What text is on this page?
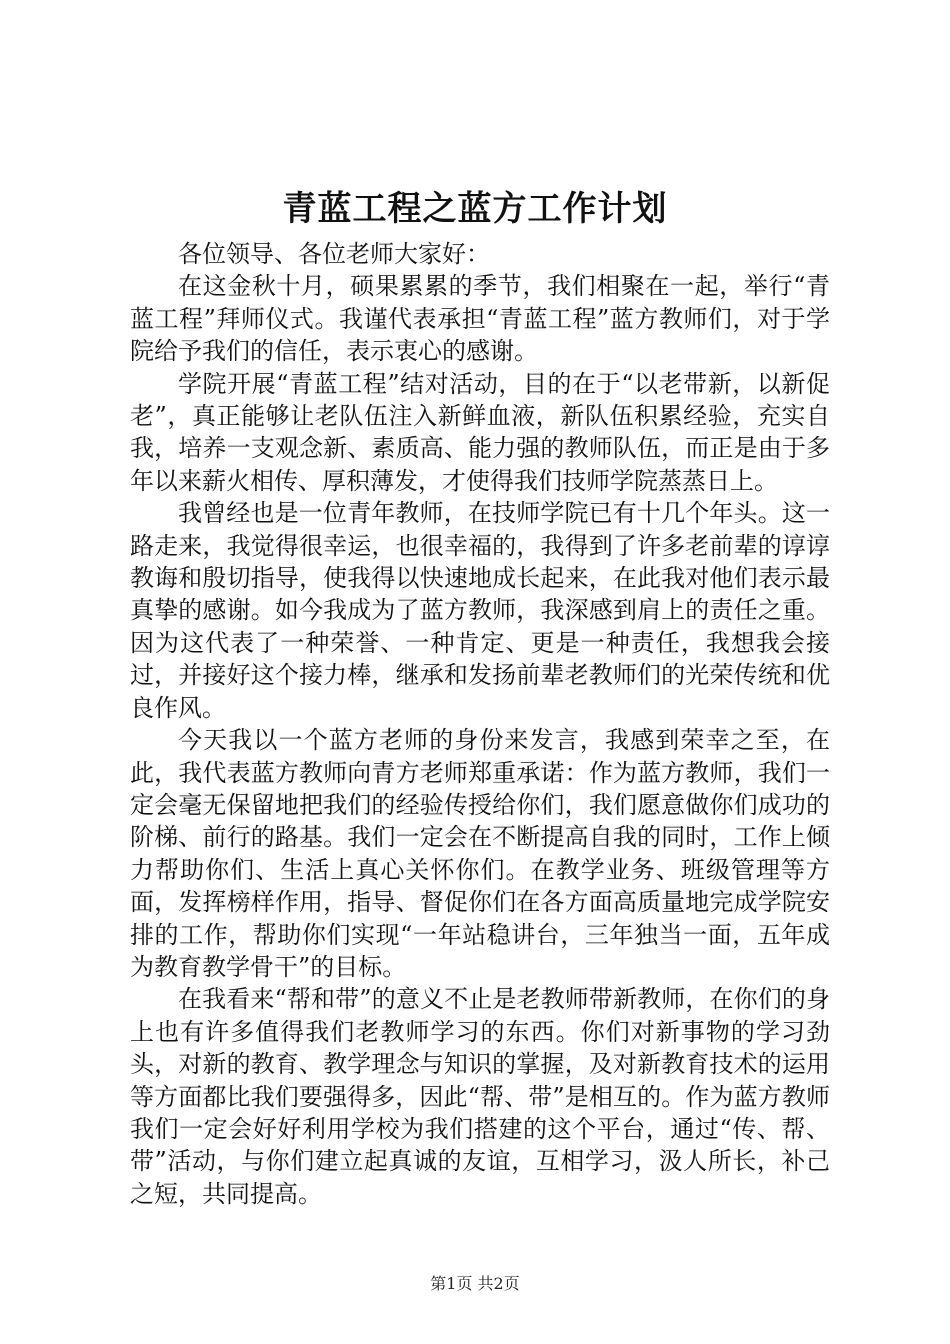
青蓝工程之蓝方工作计划

各位领导、各位老师大家好：

在这金秋十月，硕果累累的季节，我们相聚在一起，举行“青蓝工程”拜师仪式。我谨代表承担“青蓝工程”蓝方教师们，对于学院给予我们的信任，表示衷心的感谢。

学院开展“青蓝工程”结对活动，目的在于“以老带新，以新促老”，真正能够让老队伍注入新鲜血液，新队伍积累经验，充实自我，培养一支观念新、素质高、能力强的教师队伍，而正是由于多年以来薪火相传、厚积薄发，才使得我们技师学院蒸蒸日上。

我曾经也是一位青年教师，在技师学院已有十几个年头。这一路走来，我觉得很幸运，也很幸福的，我得到了许多老前辈的谆谆教诲和殷切指导，使我得以快速地成长起来，在此我对他们表示最真挚的感谢。如今我成为了蓝方教师，我深感到肩上的责任之重。因为这代表了一种荣誉、一种肯定、更是一种责任，我想我会接过，并接好这个接力棒，继承和发扬前辈老教师们的光荣传统和优良作风。

今天我以一个蓝方老师的身份来发言，我感到荣幸之至，在此，我代表蓝方教师向青方老师郑重承诺：作为蓝方教师，我们一定会毫无保留地把我们的经验传授给你们，我们愿意做你们成功的阶梯、前行的路基。我们一定会在不断提高自我的同时，工作上倾力帮助你们、生活上真心关怀你们。在教学业务、班级管理等方面，发挥榜样作用，指导、督促你们在各方面高质量地完成学院安排的工作，帮助你们实现“一年站稳讲台，三年独当一面，五年成为教育教学骨干”的目标。

在我看来“帮和带”的意义不止是老教师带新教师，在你们的身上也有许多值得我们老教师学习的东西。你们对新事物的学习劲头，对新的教育、教学理念与知识的掌握，及对新教育技术的运用等方面都比我们要强得多，因此“帮、带”是相互的。作为蓝方教师我们一定会好好利用学校为我们搭建的这个平台，通过“传、帮、带”活动，与你们建立起真诚的友谊，互相学习，汲人所长，补己之短，共同提高。

第1页 共2页
